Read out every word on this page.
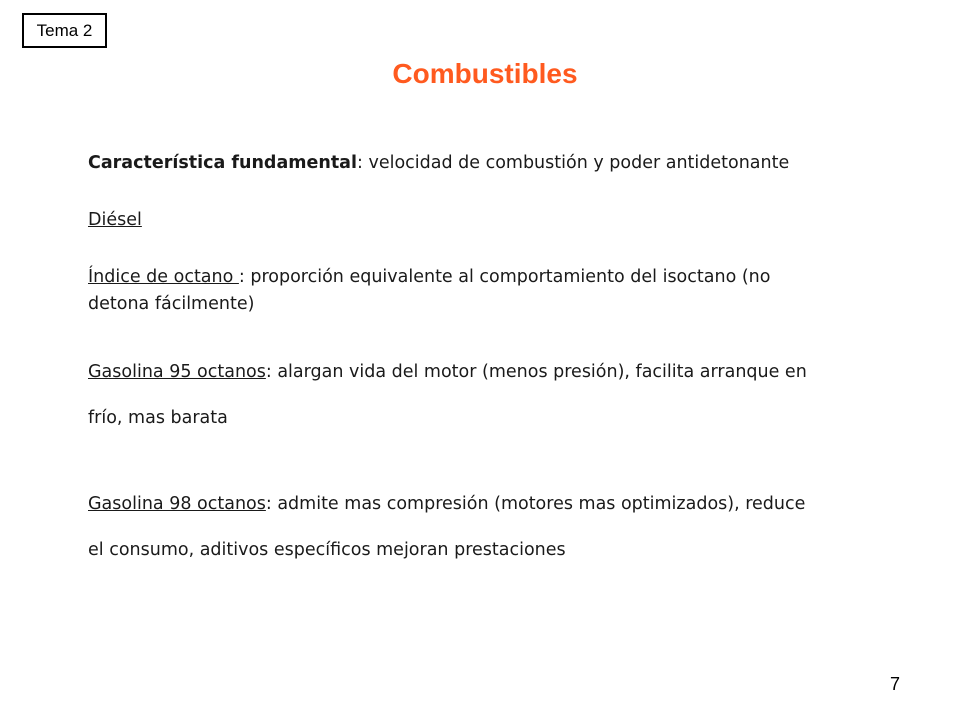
Tema 2
Combustibles
Característica fundamental: velocidad de combustión y poder antidetonante
Diésel
Índice de octano : proporción equivalente al comportamiento del isoctano (no
detona fácilmente)
Gasolina 95 octanos: alargan vida del motor (menos presión), facilita arranque en
frío, mas barata
Gasolina 98 octanos: admite mas compresión (motores mas optimizados), reduce
el consumo, aditivos específicos mejoran prestaciones
7
